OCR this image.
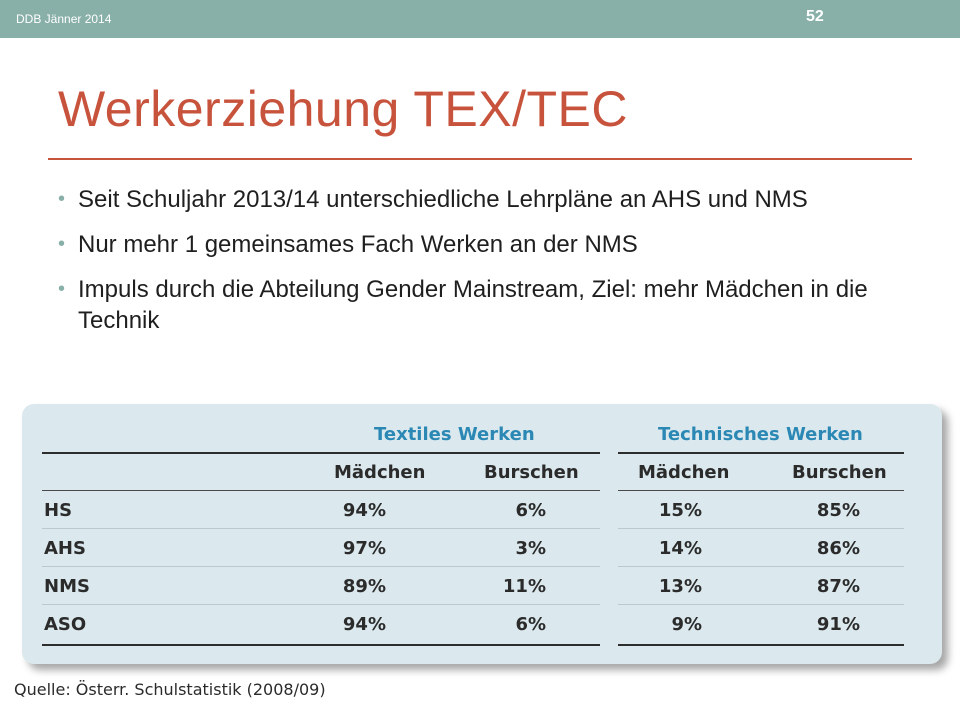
DDB Jänner 2014	52
Werkerziehung TEX/TEC
• Seit Schuljahr 2013/14 unterschiedliche Lehrpläne an AHS und NMS
• Nur mehr 1 gemeinsames Fach Werken an der NMS
• Impuls durch die Abteilung Gender Mainstream, Ziel: mehr Mädchen in die Technik
Textiles Werken	Technisches Werken
Mädchen	Burschen	Mädchen	Burschen
HS	94%	6%	15%	85%
AHS	97%	3%	14%	86%
NMS	89%	11%	13%	87%
ASO	94%	6%	9%	91%
Quelle: Österr. Schulstatistik (2008/09)
